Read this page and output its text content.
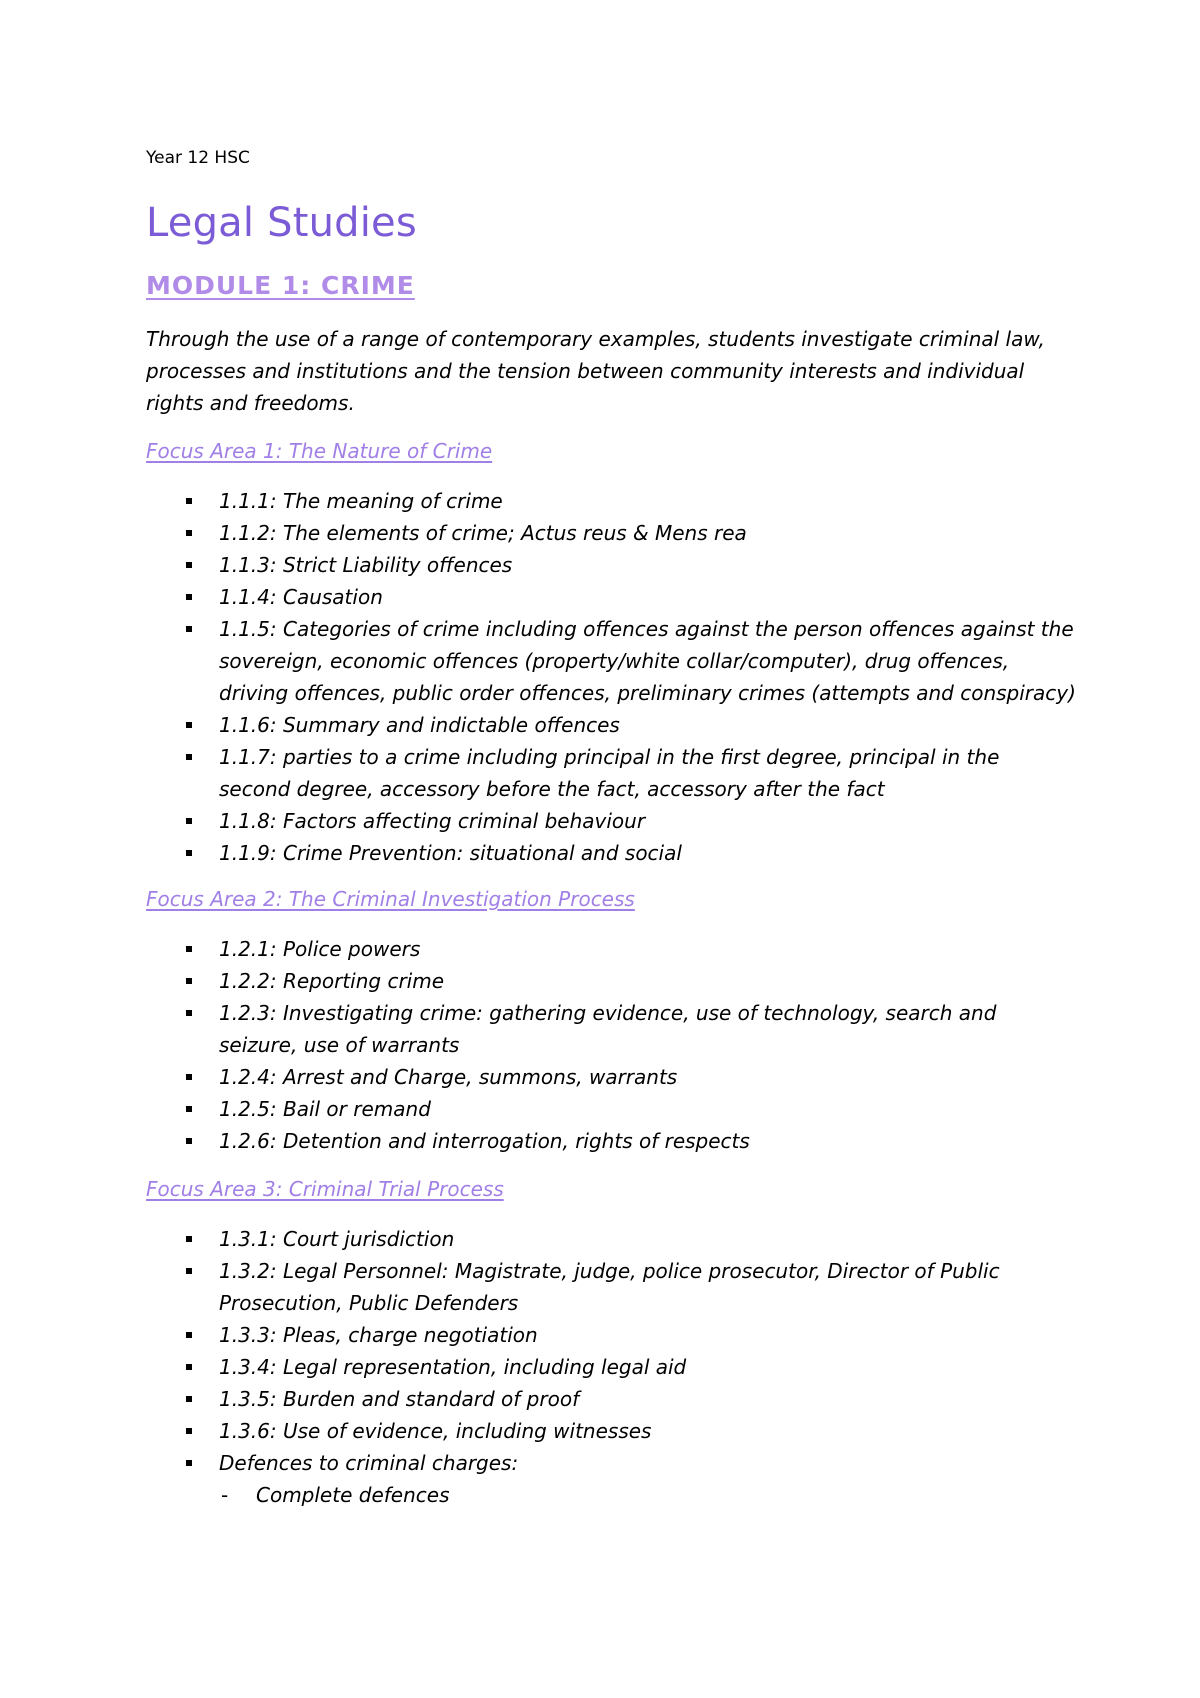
Year 12 HSC
Legal Studies
MODULE 1: CRIME
Through the use of a range of contemporary examples, students investigate criminal law, processes and institutions and the tension between community interests and individual rights and freedoms.
Focus Area 1: The Nature of Crime
1.1.1: The meaning of crime
1.1.2: The elements of crime; Actus reus & Mens rea
1.1.3: Strict Liability offences
1.1.4: Causation
1.1.5: Categories of crime including offences against the person offences against the sovereign, economic offences (property/white collar/computer), drug offences, driving offences, public order offences, preliminary crimes (attempts and conspiracy)
1.1.6: Summary and indictable offences
1.1.7: parties to a crime including principal in the first degree, principal in the second degree, accessory before the fact, accessory after the fact
1.1.8: Factors affecting criminal behaviour
1.1.9: Crime Prevention: situational and social
Focus Area 2: The Criminal Investigation Process
1.2.1: Police powers
1.2.2: Reporting crime
1.2.3: Investigating crime: gathering evidence, use of technology, search and seizure, use of warrants
1.2.4: Arrest and Charge, summons, warrants
1.2.5: Bail or remand
1.2.6: Detention and interrogation, rights of respects
Focus Area 3: Criminal Trial Process
1.3.1: Court jurisdiction
1.3.2: Legal Personnel: Magistrate, judge, police prosecutor, Director of Public Prosecution, Public Defenders
1.3.3: Pleas, charge negotiation
1.3.4: Legal representation, including legal aid
1.3.5: Burden and standard of proof
1.3.6: Use of evidence, including witnesses
Defences to criminal charges:
- Complete defences
